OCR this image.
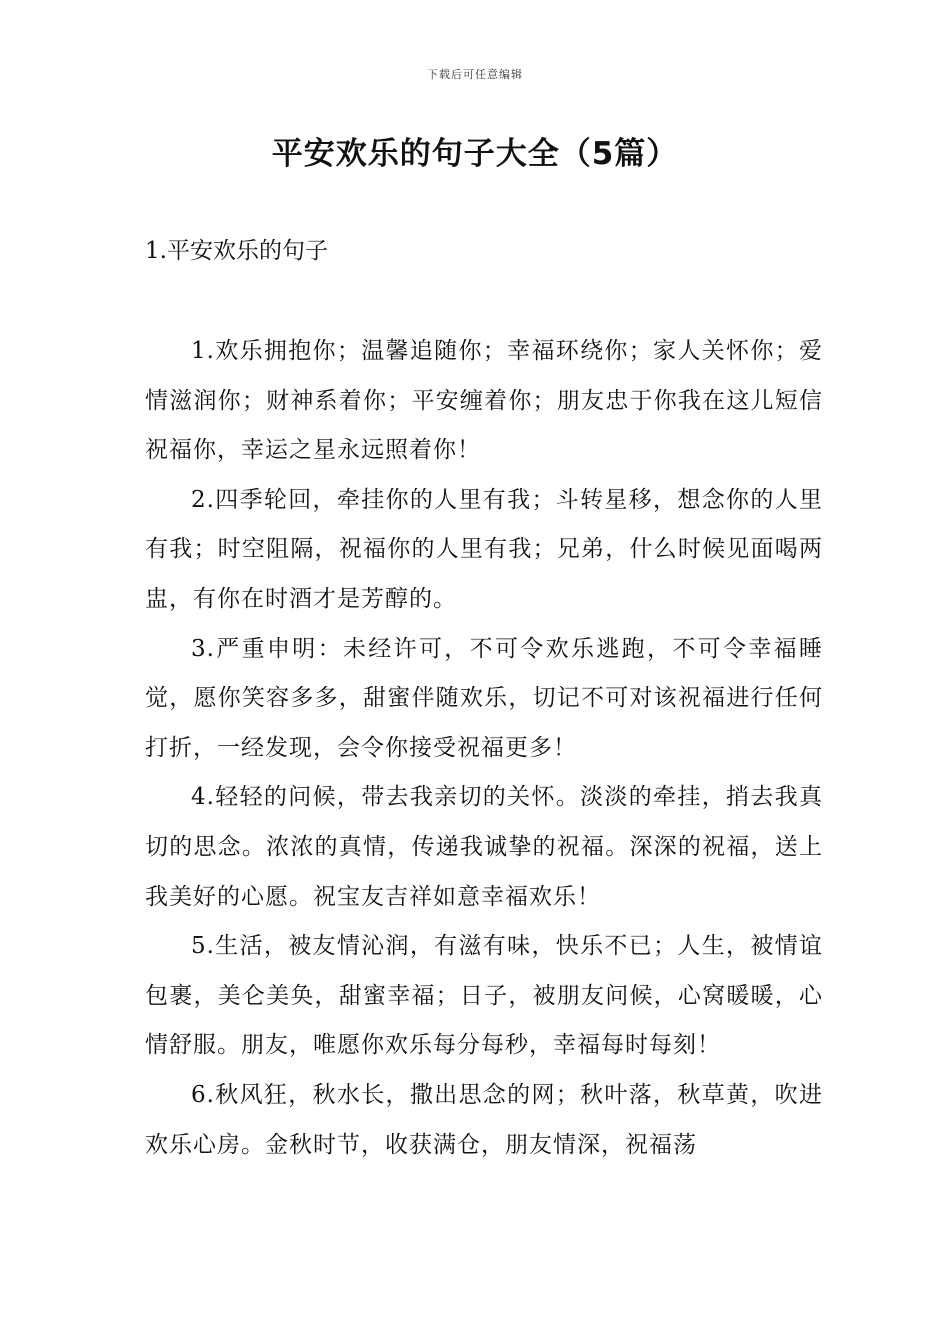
下载后可任意编辑
平安欢乐的句子大全（5篇）
1.平安欢乐的句子

1.欢乐拥抱你；温馨追随你；幸福环绕你；家人关怀你；爱情滋润你；财神系着你；平安缠着你；朋友忠于你我在这儿短信祝福你，幸运之星永远照着你！

2.四季轮回，牵挂你的人里有我；斗转星移，想念你的人里有我；时空阻隔，祝福你的人里有我；兄弟，什么时候见面喝两盅，有你在时酒才是芳醇的。

3.严重申明：未经许可，不可令欢乐逃跑，不可令幸福睡觉，愿你笑容多多，甜蜜伴随欢乐，切记不可对该祝福进行任何打折，一经发现，会令你接受祝福更多！

4.轻轻的问候，带去我亲切的关怀。淡淡的牵挂，捎去我真切的思念。浓浓的真情，传递我诚挚的祝福。深深的祝福，送上我美好的心愿。祝宝友吉祥如意幸福欢乐！

5.生活，被友情沁润，有滋有味，快乐不已；人生，被情谊包裹，美仑美奂，甜蜜幸福；日子，被朋友问候，心窝暖暖，心情舒服。朋友，唯愿你欢乐每分每秒，幸福每时每刻！

6.秋风狂，秋水长，撒出思念的网；秋叶落，秋草黄，吹进欢乐心房。金秋时节，收获满仓，朋友情深，祝福荡
